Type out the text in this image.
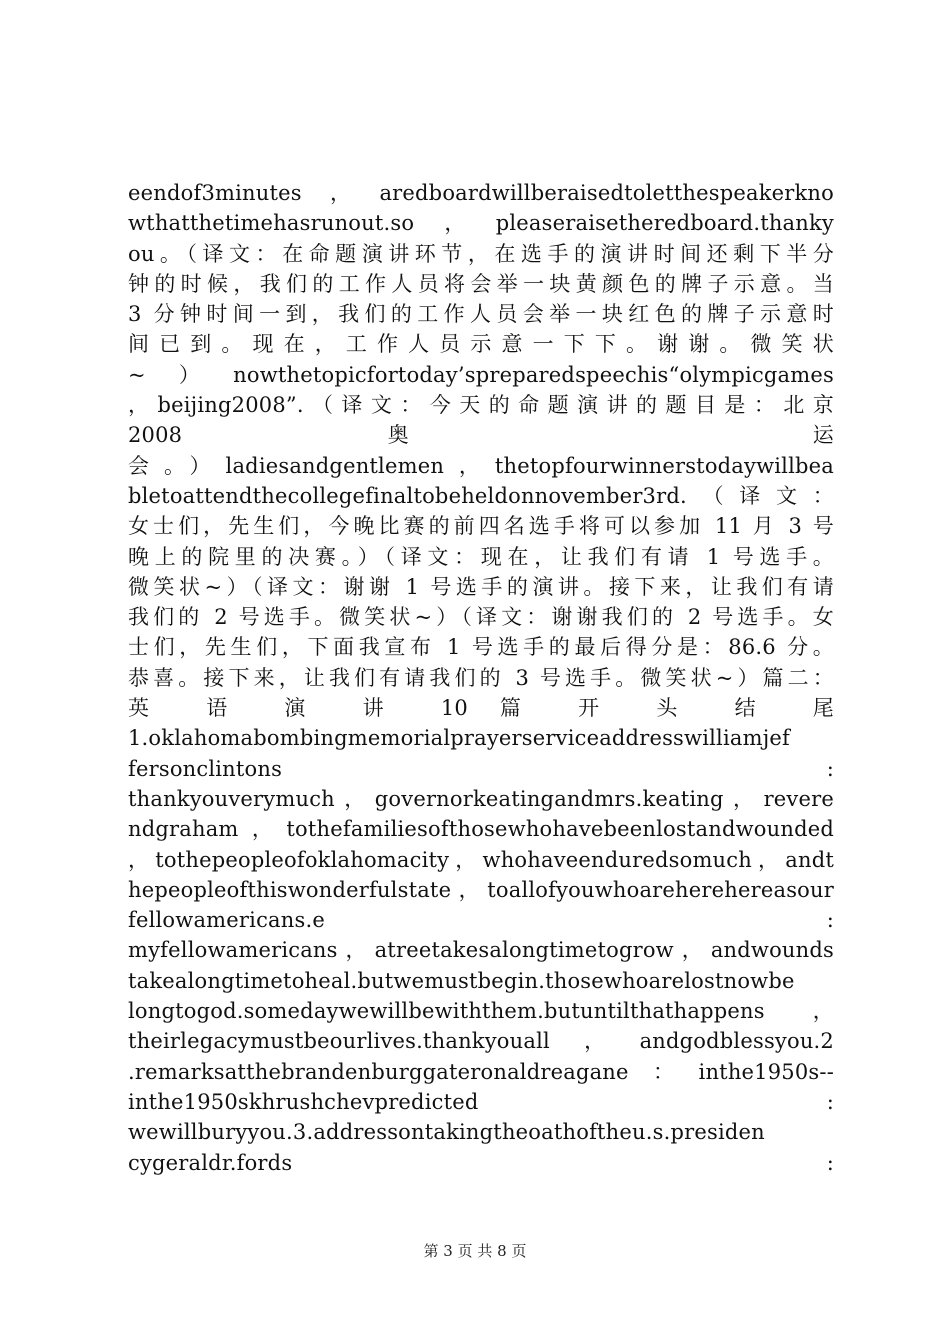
eendof3minutes，aredboardwillberaisedtoletthespeakerkno
wthatthetimehasrunout.so，pleaseraisetheredboard.thanky
ou。（译文：在命题演讲环节，在选手的演讲时间还剩下半分
钟的时候，我们的工作人员将会举一块黄颜色的牌子示意。当
3 分钟时间一到，我们的工作人员会举一块红色的牌子示意时
间 已 到 。 现 在 ， 工 作 人 员 示 意 一 下 下 。 谢 谢 。 微 笑 状
~）nowthetopicfortoday’spreparedspeechis“olympicgames
，beijing2008”.（译文：今天的命题演讲的题目是：北京
2008 奥 运
会。）ladiesandgentlemen，thetopfourwinnerstodaywillbea
bletoattendthecollegefinaltobeheldonnovember3rd.（译文：
女士们，先生们，今晚比赛的前四名选手将可以参加 11 月 3 号
晚上的院里的决赛。）（译文：现在，让我们有请 1 号选手。
微笑状~）（译文：谢谢 1 号选手的演讲。接下来，让我们有请
我们的 2 号选手。微笑状~）（译文：谢谢我们的 2 号选手。女
士们，先生们，下面我宣布 1 号选手的最后得分是：86.6 分。
恭喜。接下来，让我们有请我们的 3 号选手。微笑状~）篇二：
英 语 演 讲 10 篇 开 头 结 尾
1.oklahomabombingmemorialprayerserviceaddresswilliamjef
fersonclintons :
thankyouverymuch，governorkeatingandmrs.keating，revere
ndgraham，tothefamiliesofthosewhohavebeenlostandwounded
，tothepeopleofoklahomacity，whohaveenduredsomuch，andt
hepeopleofthiswonderfulstate，toallofyouwhoareherehereasour
fellowamericans.e :
myfellowamericans，atreetakesalongtimetogrow，andwounds
takealongtimetoheal.butwemustbegin.thosewhoarelostnowbe
longtogod.somedaywewillbewiththem.butuntilthathappens，
theirlegacymustbeourlives.thankyouall，andgodblessyou.2
.remarksatthebrandenburggateronaldreagane：inthe1950s--
inthe1950skhrushchevpredicted :
wewillburyyou.3.addressontakingtheoathoftheu.s.presiden
cygeraldr.fords :
第 3 页 共 8 页
